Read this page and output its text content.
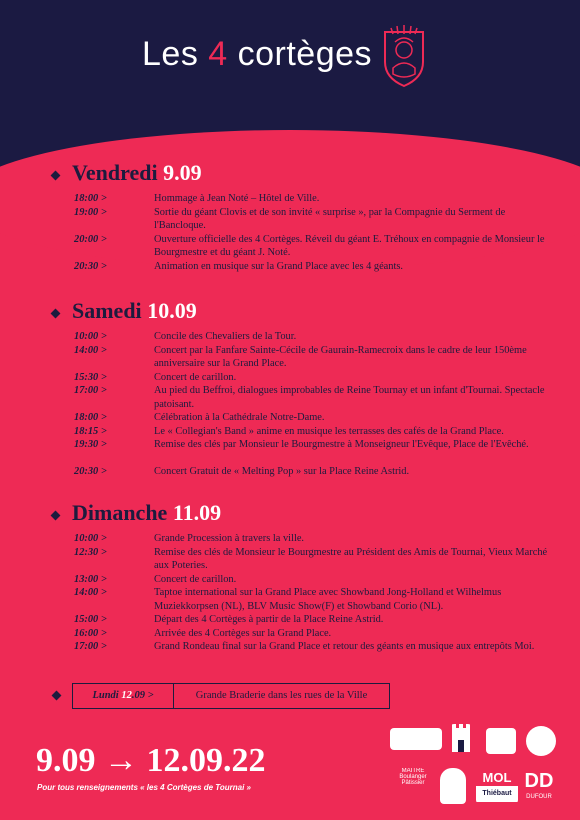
Les 4 cortèges
Vendredi 9.09
18:00 >	Hommage à Jean Noté – Hôtel de Ville.
19:00 >	Sortie du géant Clovis et de son invité « surprise », par la Compagnie du Serment de l'Bancloque.
20:00 >	Ouverture officielle des 4 Cortèges. Réveil du géant E. Tréhoux en compagnie de Monsieur le Bourgmestre et du géant J. Noté.
20:30 >	Animation en musique sur la Grand Place avec les 4 géants.
Samedi 10.09
10:00 >	Concile des Chevaliers de la Tour.
14:00 >	Concert par la Fanfare Sainte-Cécile de Gaurain-Ramecroix dans le cadre de leur 150ème anniversaire sur la Grand Place.
15:30 >	Concert de carillon.
17:00 >	Au pied du Beffroi, dialogues improbables de Reine Tournay et un infant d'Tournai. Spectacle patoisant.
18:00 >	Célébration à la Cathédrale Notre-Dame.
18:15 >	Le « Collegian's Band » anime en musique les terrasses des cafés de la Grand Place.
19:30 >	Remise des clés par Monsieur le Bourgmestre à Monseigneur l'Evêque, Place de l'Evêché.
20:30 >	Concert Gratuit de « Melting Pop » sur la Place Reine Astrid.
Dimanche 11.09
10:00 >	Grande Procession à travers la ville.
12:30 >	Remise des clés de Monsieur le Bourgmestre au Président des Amis de Tournai, Vieux Marché aux Poteries.
13:00 >	Concert de carillon.
14:00 >	Taptoe international sur la Grand Place avec Showband Jong-Holland et Wilhelmus Muziekkorpsen (NL), BLV Music Show(F) et Showband Corio (NL).
15:00 >	Départ des 4 Cortèges à partir de la Place Reine Astrid.
16:00 >	Arrivée des 4 Cortèges sur la Grand Place.
17:00 >	Grand Rondeau final sur la Grand Place et retour des géants en musique aux entrepôts Moi.
Lundi 12.09 >	Grande Braderie dans les rues de la Ville
9.09 → 12.09.22
Pour tous renseignements « les 4 Cortèges de Tournai »
MAÎTRE Boulanger Pâtissier	MOL
Thiébaut
DD
DUFOUR
